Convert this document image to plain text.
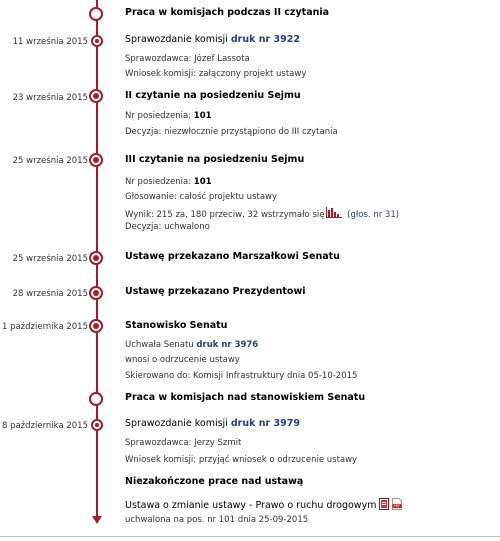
Praca w komisjach podczas II czytania
11 września 2015	Sprawozdanie komisji druk nr 3922
Sprawozdawca: Józef Lassota
Wniosek komisji: załączony projekt ustawy
23 września 2015	II czytanie na posiedzeniu Sejmu
Nr posiedzenia: 101
Decyzja: niezwłocznie przystąpiono do III czytania
25 września 2015	III czytanie na posiedzeniu Sejmu
Nr posiedzenia: 101
Głosowanie: całość projektu ustawy
Wynik: 215 za, 180 przeciw, 32 wstrzymało się	(głos. nr 31)
Decyzja: uchwalono
25 września 2015	Ustawę przekazano Marszałkowi Senatu
28 września 2015	Ustawę przekazano Prezydentowi
1 października 2015	Stanowisko Senatu
Uchwała Senatu druk nr 3976
wnosi o odrzucenie ustawy
Skierowano do: Komisji Infrastruktury dnia 05-10-2015
Praca w komisjach nad stanowiskiem Senatu
8 października 2015	Sprawozdanie komisji druk nr 3979
Sprawozdawca: Jerzy Szmit
Wniosek komisji: przyjąć wniosek o odrzucenie ustawy
Niezakończone prace nad ustawą
Ustawa o zmianie ustawy - Prawo o ruchu drogowym	PDF
uchwalona na pos. nr 101 dnia 25-09-2015
